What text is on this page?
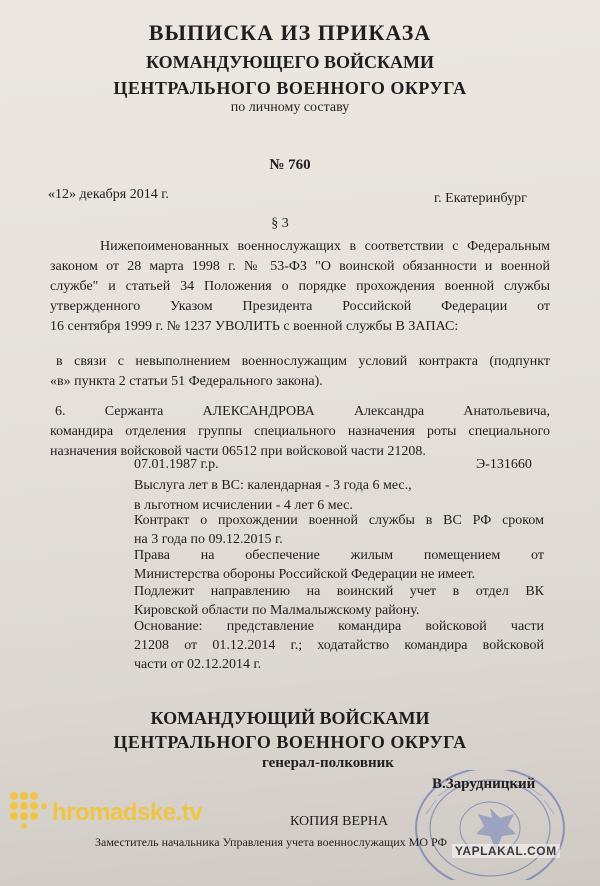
ВЫПИСКА ИЗ ПРИКАЗА
КОМАНДУЮЩЕГО ВОЙСКАМИ
ЦЕНТРАЛЬНОГО ВОЕННОГО ОКРУГА
по личному составу
№ 760
«12» декабря 2014 г.	г. Екатеринбург
§ 3
Нижепоименованных военнослужащих в соответствии с Федеральным
законом от 28 марта 1998 г. № 53-ФЗ "О воинской обязанности и военной
службе" и статьей 34 Положения о порядке прохождения военной службы
утвержденного Указом Президента Российской Федерации от
16 сентября 1999 г. № 1237 УВОЛИТЬ с военной службы В ЗАПАС:
в связи с невыполнением военнослужащим условий контракта (подпункт
«в» пункта 2 статьи 51 Федерального закона).
6. Сержанта АЛЕКСАНДРОВА Александра Анатольевича,
командира отделения группы специального назначения роты специального
назначения войсковой части 06512 при войсковой части 21208.
07.01.1987 г.р.	Э-131660
Выслуга лет в ВС: календарная - 3 года 6 мес.,
в льготном исчислении - 4 лет 6 мес.
Контракт о прохождении военной службы в ВС РФ сроком
на 3 года по 09.12.2015 г.
Права на обеспечение жилым помещением от
Министерства обороны Российской Федерации не имеет.
Подлежит направлению на воинский учет в отдел ВК
Кировской области по Малмалыжскому району.
Основание: представление командира войсковой части
21208 от 01.12.2014 г.; ходатайство командира войсковой
части от 02.12.2014 г.
КОМАНДУЮЩИЙ ВОЙСКАМИ
ЦЕНТРАЛЬНОГО ВОЕННОГО ОКРУГА
генерал-полковник
В.Зарудницкий
КОПИЯ ВЕРНА
Заместитель начальника Управления учета военнослужащих МО РФ
hromadske.tv
YAPLAKAL.COM
